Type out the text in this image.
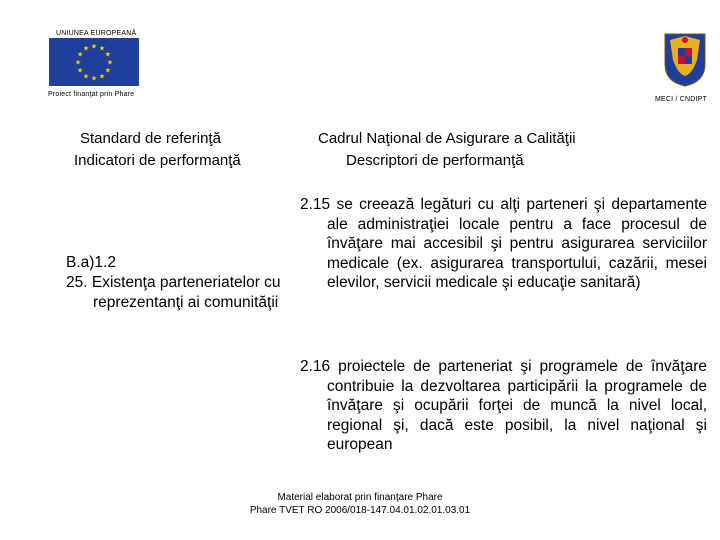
UNIUNEA EUROPEANĂ
★ ★
★
★
★
★
★
★
★
★
★
★
Proiect finanţat prin Phare
MECI / CNDIPT
Standard de referinţă
Indicatori de performanţă
Cadrul Naţional de Asigurare a Calităţii
Descriptori de performanţă
B.a)1.2
25. Existenţa parteneriatelor cu reprezentanţi ai comunităţii
2.15 se creează legături cu alţi parteneri şi departamente ale administraţiei locale pentru a face procesul de învăţare mai accesibil şi pentru asigurarea serviciilor medicale (ex. asigurarea transportului, cazării, mesei elevilor, servicii medicale şi educaţie sanitară)
2.16 proiectele de parteneriat şi programele de învăţare contribuie la dezvoltarea participării la programele de învăţare şi ocupării forţei de muncă la nivel local, regional şi, dacă este posibil, la nivel naţional şi european
Material elaborat prin finanţare Phare
Phare TVET RO 2006/018-147.04.01.02.01.03.01
